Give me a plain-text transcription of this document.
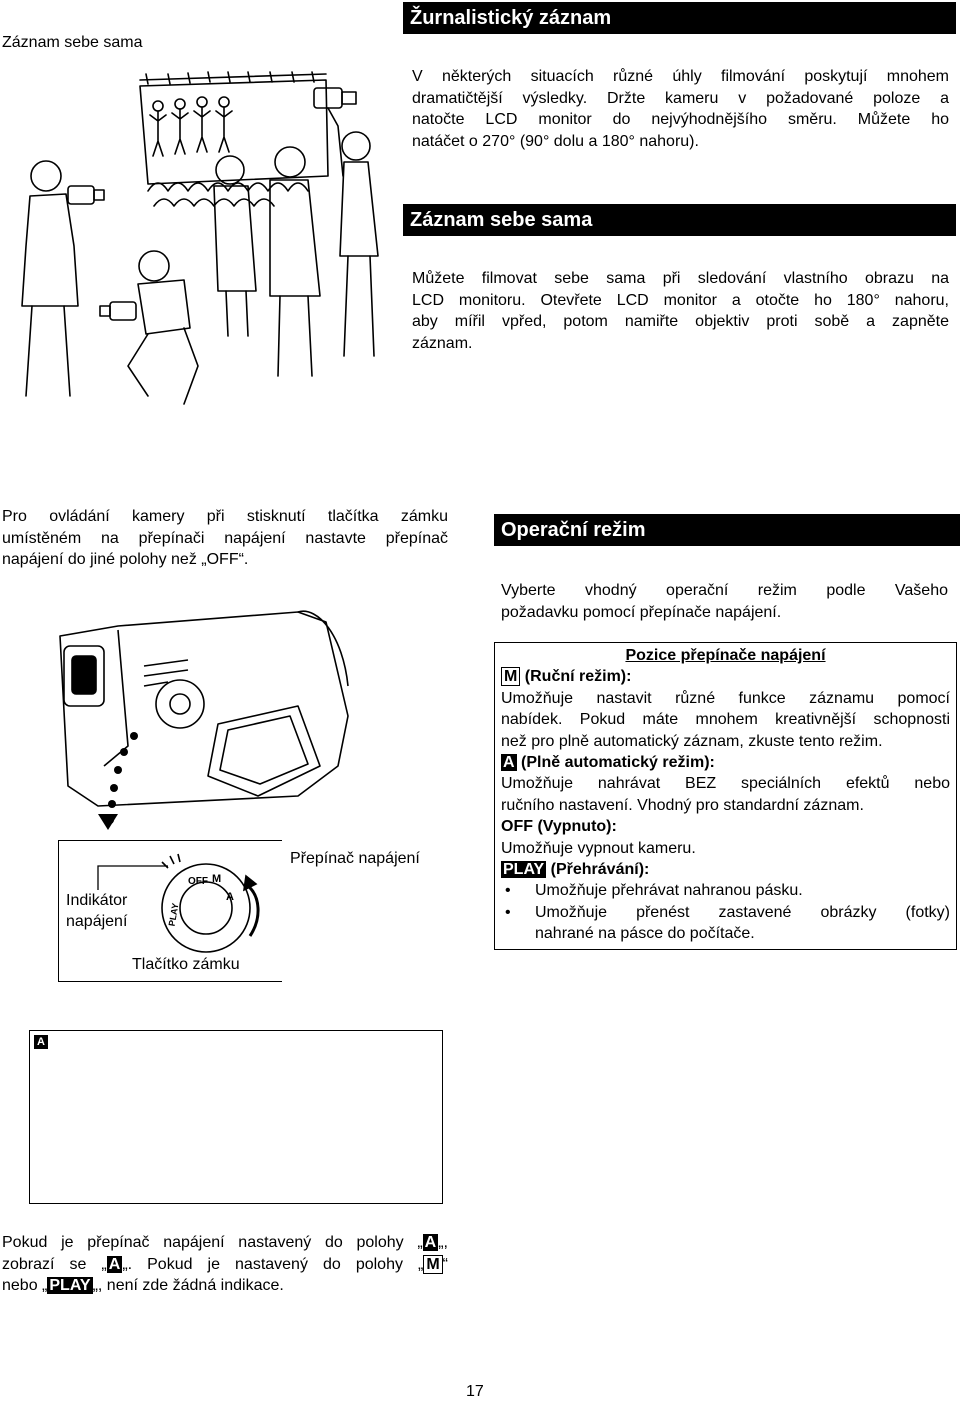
Záznam sebe sama
Žurnalistický záznam
V některých situacích různé úhly filmování poskytují mnohem
dramatičtější výsledky. Držte kameru v požadované poloze a
natočte LCD monitor do nejvýhodnějšího směru. Můžete ho
natáčet o 270° (90° dolu a 180° nahoru).
Záznam sebe sama
Můžete filmovat sebe sama při sledování vlastního obrazu na
LCD monitoru. Otevřete LCD monitor a otočte ho 180° nahoru,
aby mířil vpřed, potom namiřte objektiv proti sobě a zapněte
záznam.
Pro ovládání kamery při stisknutí tlačítka zámku
umístěném na přepínači napájení nastavte přepínač
napájení do jiné polohy než „OFF“.
Operační režim
Vyberte vhodný operační režim podle Vašeho
požadavku pomocí přepínače napájení.
OFF M
A
PLAY
Přepínač napájení
Indikátor
napájení
Tlačítko zámku
Pozice přepínače napájení
M (Ruční režim):
Umožňuje nastavit různé funkce záznamu pomocí
nabídek. Pokud máte mnohem kreativnější schopnosti
než pro plně automatický záznam, zkuste tento režim.
A (Plně automatický režim):
Umožňuje nahrávat BEZ speciálních efektů nebo
ručního nastavení. Vhodný pro standardní záznam.
OFF (Vypnuto):
Umožňuje vypnout kameru.
PLAY (Přehrávání):
• Umožňuje přehrávat nahranou pásku.
• Umožňuje přenést zastavené obrázky (fotky)
nahrané na pásce do počítače.
A
Pokud je přepínač napájení nastavený do polohy „ A „,
zobrazí se „ A „. Pokud je nastavený do polohy „ M “
nebo „ PLAY „, není zde žádná indikace.
17
